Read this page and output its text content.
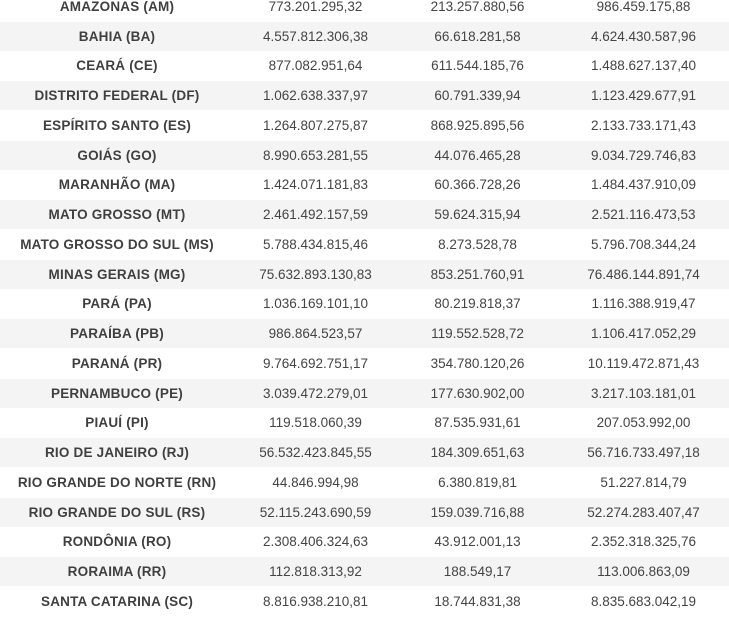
AMAZONAS (AM)	773.201.295,32	213.257.880,56	986.459.175,88
BAHIA (BA)	4.557.812.306,38	66.618.281,58	4.624.430.587,96
CEARÁ (CE)	877.082.951,64	611.544.185,76	1.488.627.137,40
DISTRITO FEDERAL (DF)	1.062.638.337,97	60.791.339,94	1.123.429.677,91
ESPÍRITO SANTO (ES)	1.264.807.275,87	868.925.895,56	2.133.733.171,43
GOIÁS (GO)	8.990.653.281,55	44.076.465,28	9.034.729.746,83
MARANHÃO (MA)	1.424.071.181,83	60.366.728,26	1.484.437.910,09
MATO GROSSO (MT)	2.461.492.157,59	59.624.315,94	2.521.116.473,53
MATO GROSSO DO SUL (MS)	5.788.434.815,46	8.273.528,78	5.796.708.344,24
MINAS GERAIS (MG)	75.632.893.130,83	853.251.760,91	76.486.144.891,74
PARÁ (PA)	1.036.169.101,10	80.219.818,37	1.116.388.919,47
PARAÍBA (PB)	986.864.523,57	119.552.528,72	1.106.417.052,29
PARANÁ (PR)	9.764.692.751,17	354.780.120,26	10.119.472.871,43
PERNAMBUCO (PE)	3.039.472.279,01	177.630.902,00	3.217.103.181,01
PIAUÍ (PI)	119.518.060,39	87.535.931,61	207.053.992,00
RIO DE JANEIRO (RJ)	56.532.423.845,55	184.309.651,63	56.716.733.497,18
RIO GRANDE DO NORTE (RN)	44.846.994,98	6.380.819,81	51.227.814,79
RIO GRANDE DO SUL (RS)	52.115.243.690,59	159.039.716,88	52.274.283.407,47
RONDÔNIA (RO)	2.308.406.324,63	43.912.001,13	2.352.318.325,76
RORAIMA (RR)	112.818.313,92	188.549,17	113.006.863,09
SANTA CATARINA (SC)	8.816.938.210,81	18.744.831,38	8.835.683.042,19
